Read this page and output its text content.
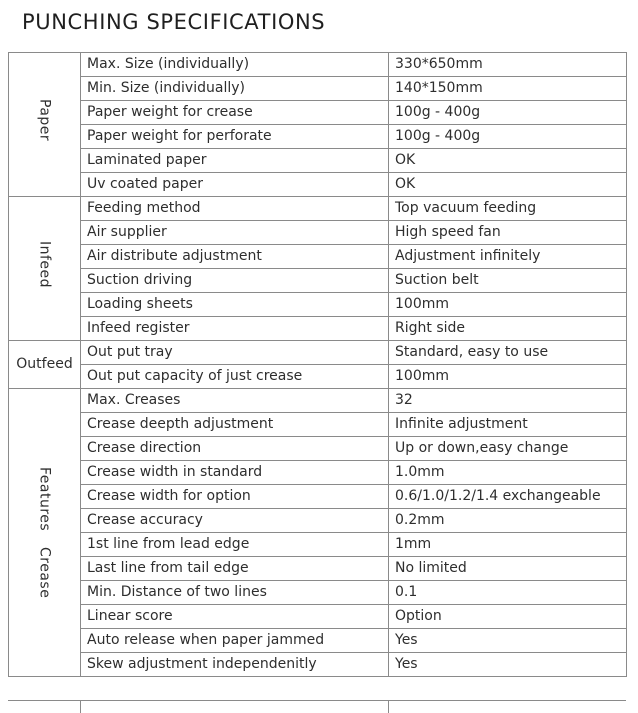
PUNCHING SPECIFICATIONS
Paper	Max. Size (individually)	330*650mm
	Min. Size (individually)	140*150mm
	Paper weight for crease	100g - 400g
	Paper weight for perforate	100g - 400g
	Laminated paper	OK
	Uv coated paper	OK
Infeed	Feeding method	Top vacuum feeding
	Air supplier	High speed fan
	Air distribute adjustment	Adjustment infinitely
	Suction driving	Suction belt
	Loading sheets	100mm
	Infeed register	Right side
Outfeed	Out put tray	Standard, easy to use
	Out put capacity of just crease	100mm

Features
Crease	Max. Creases	32
	Crease deepth adjustment	Infinite adjustment
	Crease direction	Up or down,easy change
	Crease width in standard	1.0mm
	Crease width for option	0.6/1.0/1.2/1.4 exchangeable
	Crease accuracy	0.2mm
	1st line from lead edge	1mm
	Last line from tail edge	No limited
	Min. Distance of two lines	0.1
	Linear score	Option
	Auto release when paper jammed	Yes
	Skew adjustment independenitly	Yes
